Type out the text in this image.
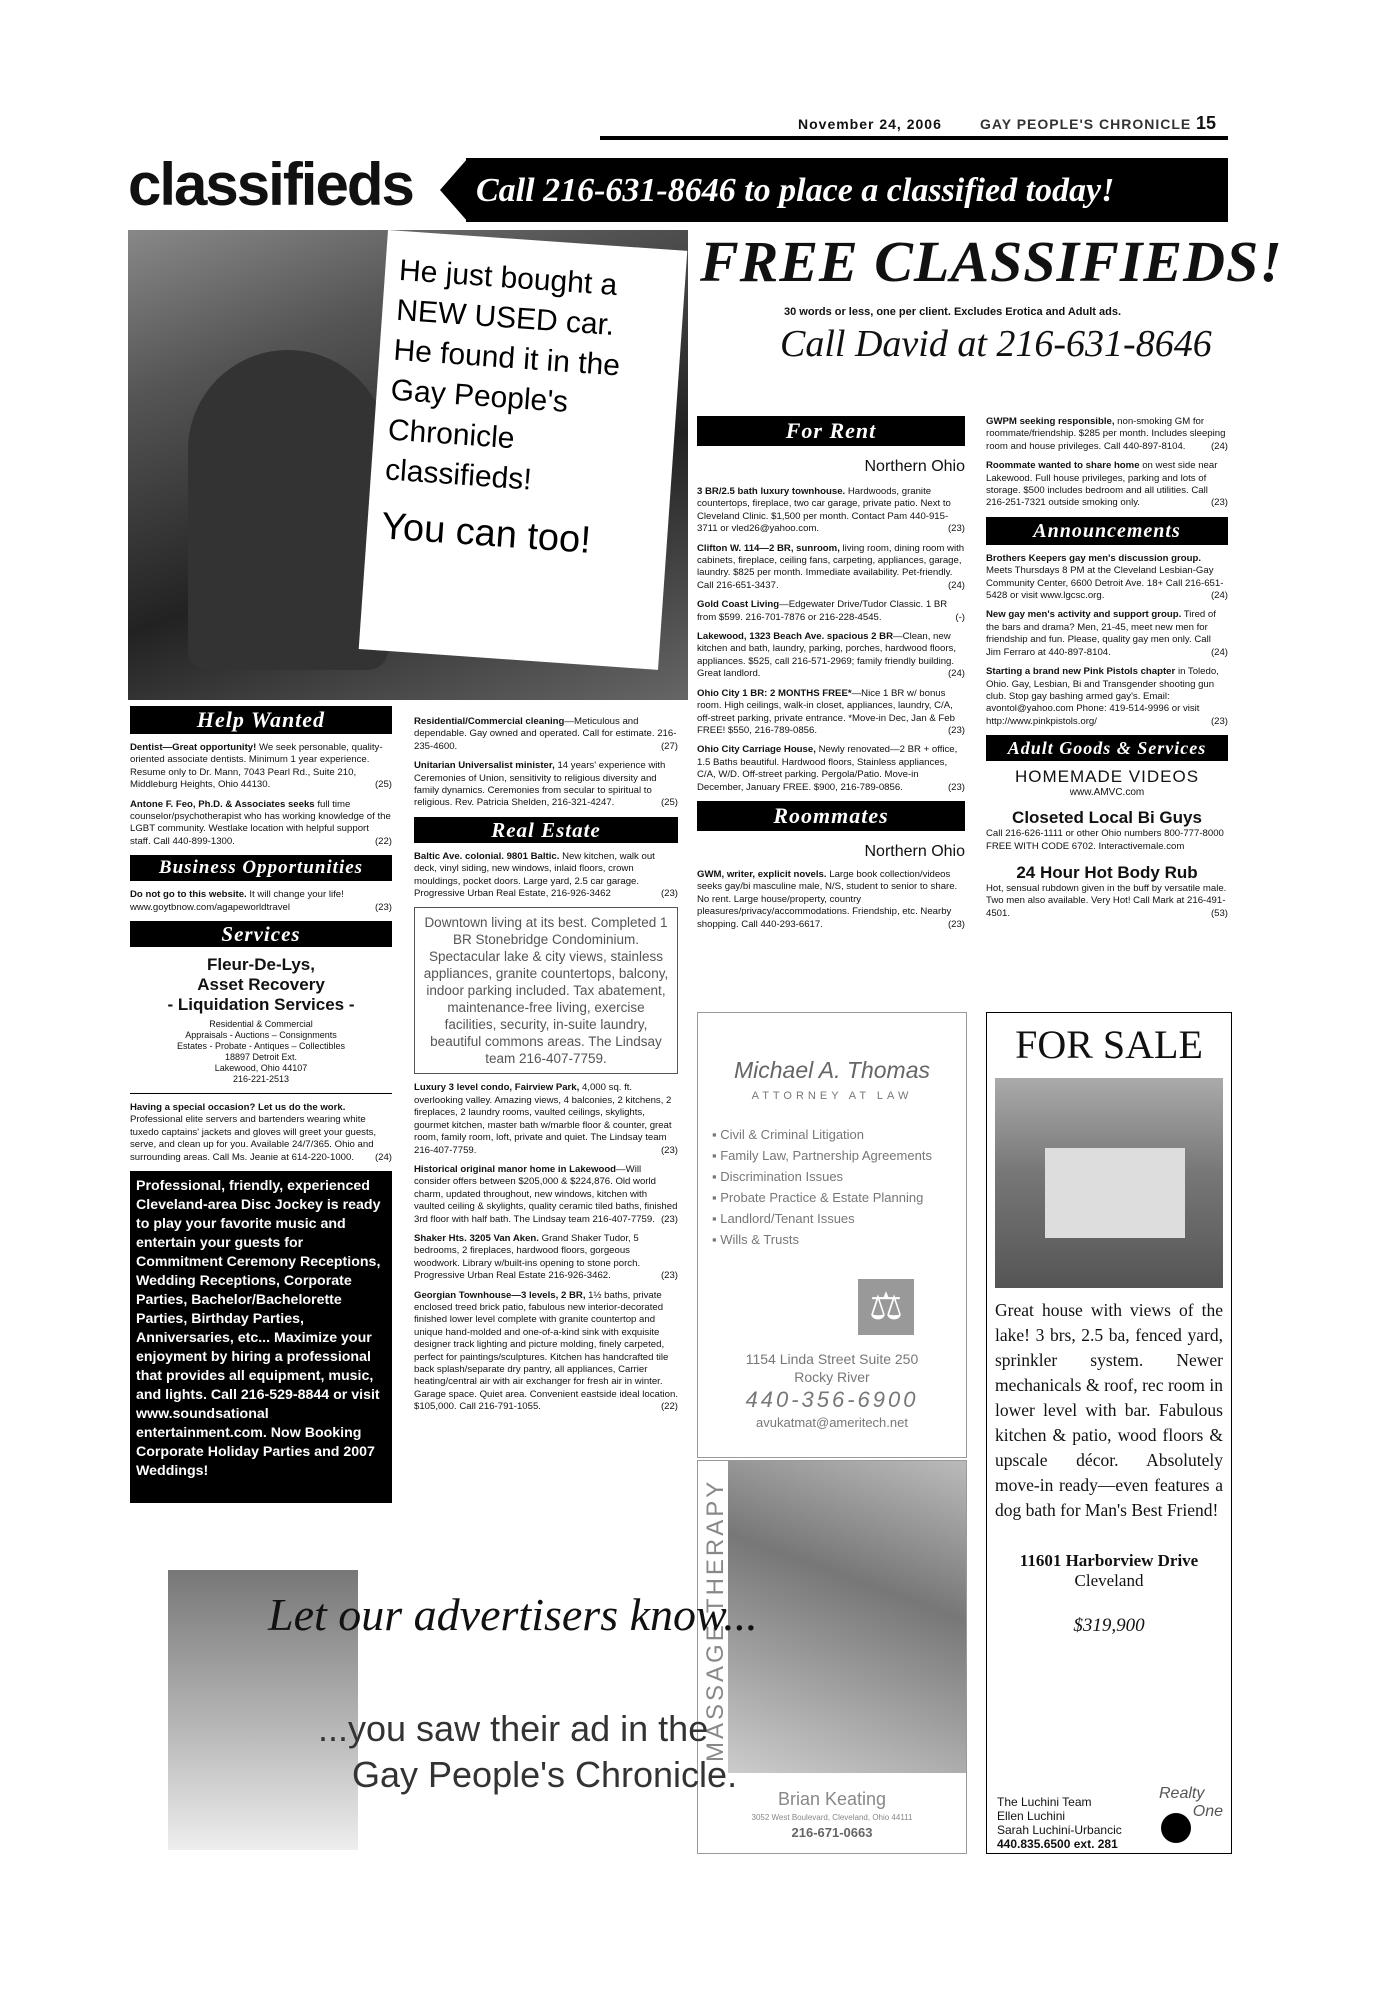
November 24, 2006	GAY PEOPLE'S CHRONICLE 15
classifieds Call 216-631-8646 to place a classified today!
He just bought a
NEW USED car.
He found it in the
Gay People's
Chronicle
classifieds!
You can too!
FREE CLASSIFIEDS!
30 words or less, one per client. Excludes Erotica and Adult ads.
Call David at 216-631-8646
For Rent
Northern Ohio

3 BR/2.5 bath luxury townhouse. Hardwoods, granite countertops, fireplace, two car garage, private patio. Next to Cleveland Clinic. $1,500 per month. Contact Pam 440-915-3711 or vled26@yahoo.com.	(23)

Clifton W. 114—2 BR, sunroom, living room, dining room with cabinets, fireplace, ceiling fans, carpeting, appliances, garage, laundry. $825 per month. Immediate availability. Pet-friendly. Call 216-651-3437.	(24)

Gold Coast Living—Edgewater Drive/Tudor Classic. 1 BR from $599. 216-701-7876 or 216-228-4545.	(-)

Lakewood, 1323 Beach Ave. spacious 2 BR—Clean, new kitchen and bath, laundry, parking, porches, hardwood floors, appliances. $525, call 216-571-2969; family friendly building. Great landlord.	(24)

Ohio City 1 BR: 2 MONTHS FREE*—Nice 1 BR w/ bonus room. High ceilings, walk-in closet, appliances, laundry, C/A, off-street parking, private entrance. *Move-in Dec, Jan & Feb FREE! $550, 216-789-0856.	(23)

Ohio City Carriage House, Newly renovated—2 BR + office, 1.5 Baths beautiful. Hardwood floors, Stainless appliances, C/A, W/D. Off-street parking. Pergola/Patio. Move-in December, January FREE. $900, 216-789-0856.	(23)

Roommates
Northern Ohio

GWM, writer, explicit novels. Large book collection/videos seeks gay/bi masculine male, N/S, student to senior to share. No rent. Large house/property, country pleasures/privacy/accommodations. Friendship, etc. Nearby shopping. Call 440-293-6617.	(23)

GWPM seeking responsible, non-smoking GM for roommate/friendship. $285 per month. Includes sleeping room and house privileges. Call 440-897-8104.	(24)

Roommate wanted to share home on west side near Lakewood. Full house privileges, parking and lots of storage. $500 includes bedroom and all utilities. Call 216-251-7321 outside smoking only.	(23)

Announcements

Brothers Keepers gay men's discussion group. Meets Thursdays 8 PM at the Cleveland Lesbian-Gay Community Center, 6600 Detroit Ave. 18+ Call 216-651-5428 or visit www.lgcsc.org.	(24)

New gay men's activity and support group. Tired of the bars and drama? Men, 21-45, meet new men for friendship and fun. Please, quality gay men only. Call Jim Ferraro at 440-897-8104.	(24)

Starting a brand new Pink Pistols chapter in Toledo, Ohio. Gay, Lesbian, Bi and Transgender shooting gun club. Stop gay bashing armed gay's. Email: avontol@yahoo.com Phone: 419-514-9996 or visit http://www.pinkpistols.org/	(23)

Adult Goods & Services
HOMEMADE VIDEOS
www.AMVC.com
Closeted Local Bi Guys
Call 216-626-1111 or other Ohio numbers 800-777-8000 FREE WITH CODE 6702. Interactivemale.com
24 Hour Hot Body Rub
Hot, sensual rubdown given in the buff by versatile male. Two men also available. Very Hot! Call Mark at 216-491-4501.	(53)
Help Wanted

Dentist—Great opportunity! We seek personable, quality-oriented associate dentists. Minimum 1 year experience. Resume only to Dr. Mann, 7043 Pearl Rd., Suite 210, Middleburg Heights, Ohio 44130.	(25)

Antone F. Feo, Ph.D. & Associates seeks full time counselor/psychotherapist who has working knowledge of the LGBT community. Westlake location with helpful support staff. Call 440-899-1300.	(22)

Business Opportunities

Do not go to this website. It will change your life! www.goytbnow.com/agapeworldtravel	(23)

Services
Fleur-De-Lys,
Asset Recovery
- Liquidation Services -
Residential & Commercial
Appraisals - Auctions – Consignments
Estates - Probate - Antiques – Collectibles
18897 Detroit Ext.
Lakewood, Ohio 44107
216-221-2513

Having a special occasion? Let us do the work. Professional elite servers and bartenders wearing white tuxedo captains' jackets and gloves will greet your guests, serve, and clean up for you. Available 24/7/365. Ohio and surrounding areas. Call Ms. Jeanie at 614-220-1000. (24)

Professional, friendly, experienced Cleveland-area Disc Jockey is ready to play your favorite music and entertain your guests for Commitment Ceremony Receptions, Wedding Receptions, Corporate Parties, Bachelor/Bachelorette Parties, Birthday Parties, Anniversaries, etc... Maximize your enjoyment by hiring a professional that provides all equipment, music, and lights. Call 216-529-8844 or visit www.soundsational entertainment.com. Now Booking Corporate Holiday Parties and 2007 Weddings!

Residential/Commercial cleaning—Meticulous and dependable. Gay owned and operated. Call for estimate. 216-235-4600.	(27)

Unitarian Universalist minister, 14 years' experience with Ceremonies of Union, sensitivity to religious diversity and family dynamics. Ceremonies from secular to spiritual to religious. Rev. Patricia Shelden, 216-321-4247.	(25)

Real Estate

Baltic Ave. colonial. 9801 Baltic. New kitchen, walk out deck, vinyl siding, new windows, inlaid floors, crown mouldings, pocket doors. Large yard, 2.5 car garage. Progressive Urban Real Estate, 216-926-3462	(23)

Downtown living at its best. Completed 1 BR Stonebridge Condominium. Spectacular lake & city views, stainless appliances, granite countertops, balcony, indoor parking included. Tax abatement, maintenance-free living, exercise facilities, security, in-suite laundry, beautiful commons areas. The Lindsay team 216-407-7759.

Luxury 3 level condo, Fairview Park, 4,000 sq. ft. overlooking valley. Amazing views, 4 balconies, 2 kitchens, 2 fireplaces, 2 laundry rooms, vaulted ceilings, skylights, gourmet kitchen, master bath w/marble floor & counter, great room, family room, loft, private and quiet. The Lindsay team 216-407-7759.	(23)

Historical original manor home in Lakewood—Will consider offers between $205,000 & $224,876. Old world charm, updated throughout, new windows, kitchen with vaulted ceiling & skylights, quality ceramic tiled baths, finished 3rd floor with half bath. The Lindsay team 216-407-7759. (23)

Shaker Hts. 3205 Van Aken. Grand Shaker Tudor, 5 bedrooms, 2 fireplaces, hardwood floors, gorgeous woodwork. Library w/built-ins opening to stone porch. Progressive Urban Real Estate 216-926-3462.	(23)

Georgian Townhouse—3 levels, 2 BR, 1½ baths, private enclosed treed brick patio, fabulous new interior-decorated finished lower level complete with granite countertop and unique hand-molded and one-of-a-kind sink with exquisite designer track lighting and picture molding, finely carpeted, perfect for paintings/sculptures. Kitchen has handcrafted tile back splash/separate dry pantry, all appliances, Carrier heating/central air with air exchanger for fresh air in winter. Garage space. Quiet area. Convenient eastside ideal location. $105,000. Call 216-791-1055.	(22)

Michael A. Thomas
ATTORNEY AT LAW
▪ Civil & Criminal Litigation
▪ Family Law, Partnership Agreements
▪ Discrimination Issues
▪ Probate Practice & Estate Planning
▪ Landlord/Tenant Issues
▪ Wills & Trusts
⚖
1154 Linda Street Suite 250
Rocky River
440-356-6900
avukatmat@ameritech.net
MASSAGE THERAPY
Brian Keating
3052 West Boulevard, Cleveland, Ohio 44111
216-671-0663
FOR SALE
Great house with views of the lake! 3 brs, 2.5 ba, fenced yard, sprinkler system. Newer mechanicals & roof, rec room in lower level with bar. Fabulous kitchen & patio, wood floors & upscale décor. Absolutely move-in ready—even features a dog bath for Man's Best Friend!
11601 Harborview Drive
Cleveland
$319,900
The Luchini Team
Ellen Luchini
Sarah Luchini-Urbancic
440.835.6500 ext. 281
Realty
One
Let our advertisers know...
...you saw their ad in the
Gay People's Chronicle.
